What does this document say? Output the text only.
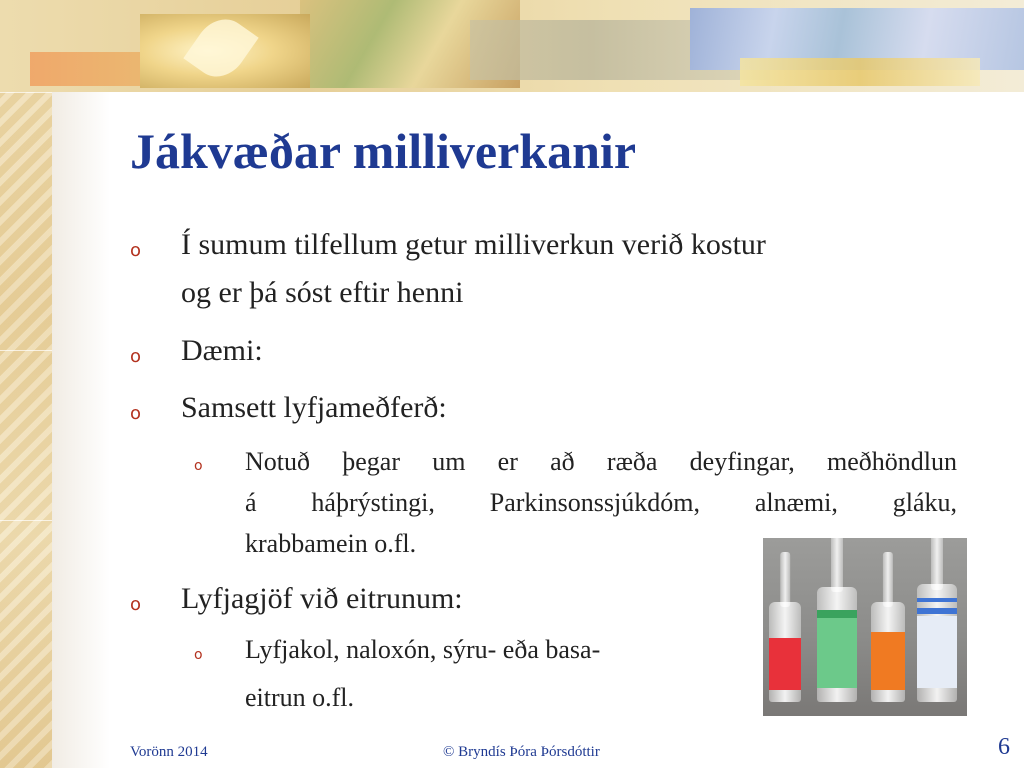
Jákvæðar milliverkanir
o Í sumum tilfellum getur milliverkun verið kostur
og er þá sóst eftir henni
o Dæmi:
o Samsett lyfjameðferð:
o Notuð þegar um er að ræða deyfingar, meðhöndlun
á háþrýstingi, Parkinsonssjúkdóm, alnæmi, gláku,
krabbamein o.fl.
o Lyfjagjöf við eitrunum:
o Lyfjakol, naloxón, sýru- eða basa-
eitrun o.fl.
Vorönn 2014	© Bryndís Þóra Þórsdóttir	6
